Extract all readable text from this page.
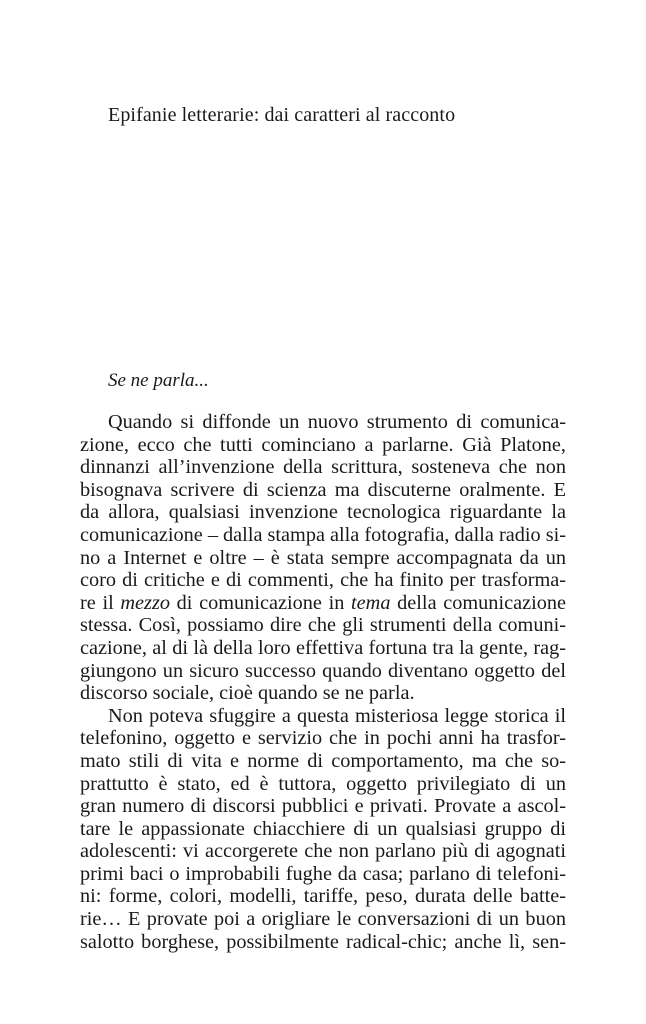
Epifanie letterarie: dai caratteri al racconto
Se ne parla...
Quando si diffonde un nuovo strumento di comunica-
zione, ecco che tutti cominciano a parlarne. Già Platone,
dinnanzi all’invenzione della scrittura, sosteneva che non
bisognava scrivere di scienza ma discuterne oralmente. E
da allora, qualsiasi invenzione tecnologica riguardante la
comunicazione – dalla stampa alla fotografia, dalla radio si-
no a Internet e oltre – è stata sempre accompagnata da un
coro di critiche e di commenti, che ha finito per trasforma-
re il mezzo di comunicazione in tema della comunicazione
stessa. Così, possiamo dire che gli strumenti della comuni-
cazione, al di là della loro effettiva fortuna tra la gente, rag-
giungono un sicuro successo quando diventano oggetto del
discorso sociale, cioè quando se ne parla.
Non poteva sfuggire a questa misteriosa legge storica il
telefonino, oggetto e servizio che in pochi anni ha trasfor-
mato stili di vita e norme di comportamento, ma che so-
prattutto è stato, ed è tuttora, oggetto privilegiato di un
gran numero di discorsi pubblici e privati. Provate a ascol-
tare le appassionate chiacchiere di un qualsiasi gruppo di
adolescenti: vi accorgerete che non parlano più di agognati
primi baci o improbabili fughe da casa; parlano di telefoni-
ni: forme, colori, modelli, tariffe, peso, durata delle batte-
rie… E provate poi a origliare le conversazioni di un buon
salotto borghese, possibilmente radical-chic; anche lì, sen-
